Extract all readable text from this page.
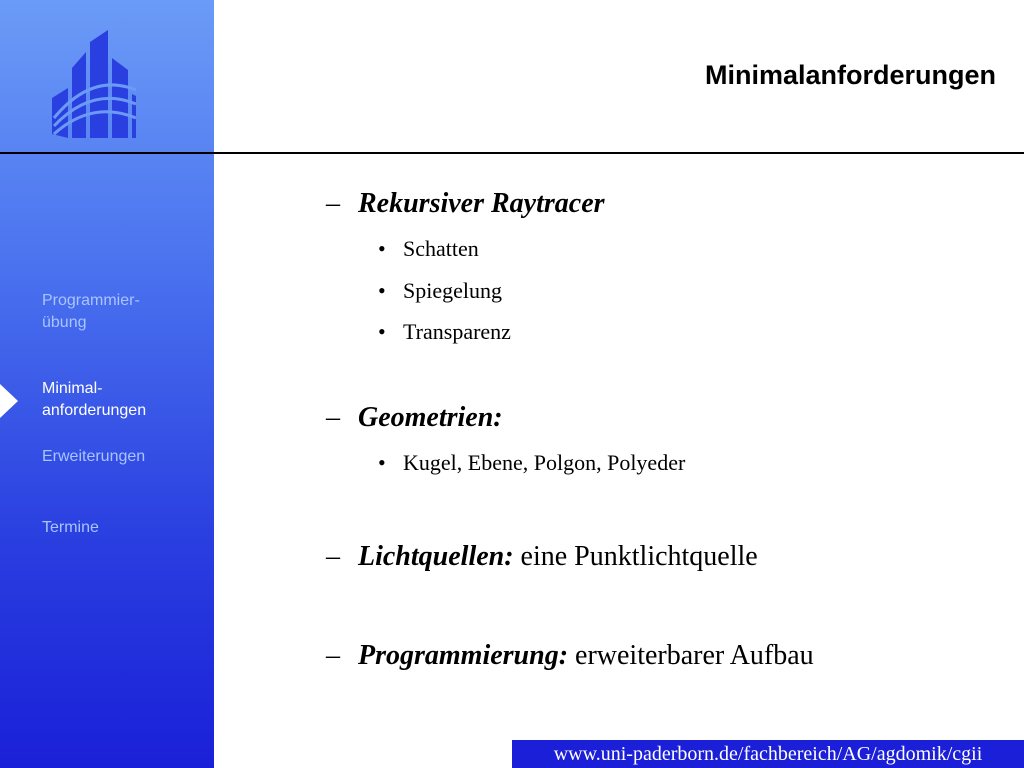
Programmier-
übung
Minimal-
anforderungen
Erweiterungen
Termine
Minimalanforderungen
– Rekursiver Raytracer
• Schatten
• Spiegelung
• Transparenz
– Geometrien:
• Kugel, Ebene, Polgon, Polyeder
– Lichtquellen: eine Punktlichtquelle
– Programmierung: erweiterbarer Aufbau
www.uni-paderborn.de/fachbereich/AG/agdomik/cgii
